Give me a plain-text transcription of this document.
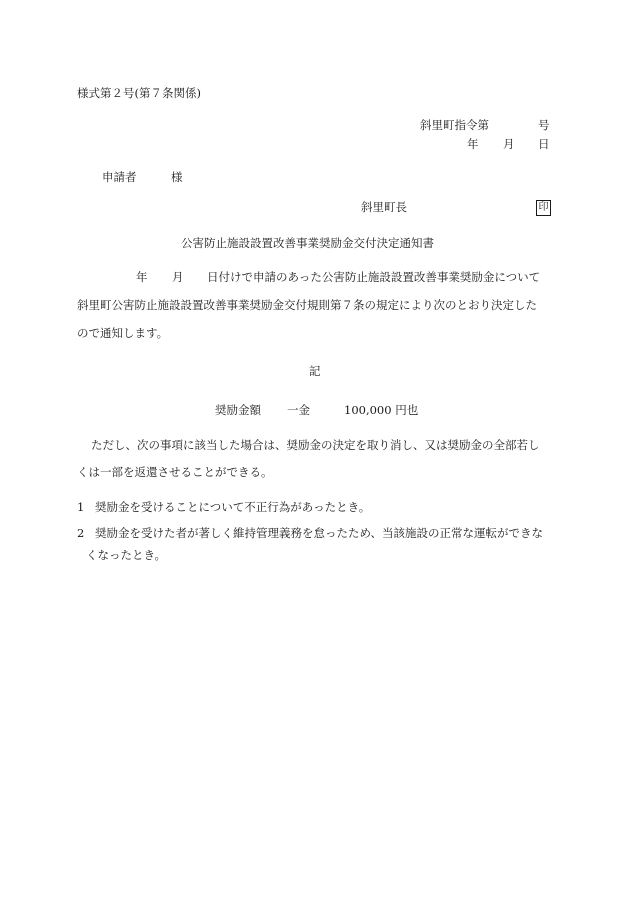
様式第２号(第７条関係)
斜里町指令第	号
年 月 日
申請者	様
斜里町長	印
公害防止施設設置改善事業奨励金交付決定通知書
年 月 日付けで申請のあった公害防止施設設置改善事業奨励金について
斜里町公害防止施設設置改善事業奨励金交付規則第７条の規定により次のとおり決定した
ので通知します。
記
奨励金額 一金	100,000 円也
ただし、次の事項に該当した場合は、奨励金の決定を取り消し、又は奨励金の全部若し
くは一部を返還させることができる。
1 奨励金を受けることについて不正行為があったとき。
2 奨励金を受けた者が著しく維持管理義務を怠ったため、当該施設の正常な運転ができな
くなったとき。
